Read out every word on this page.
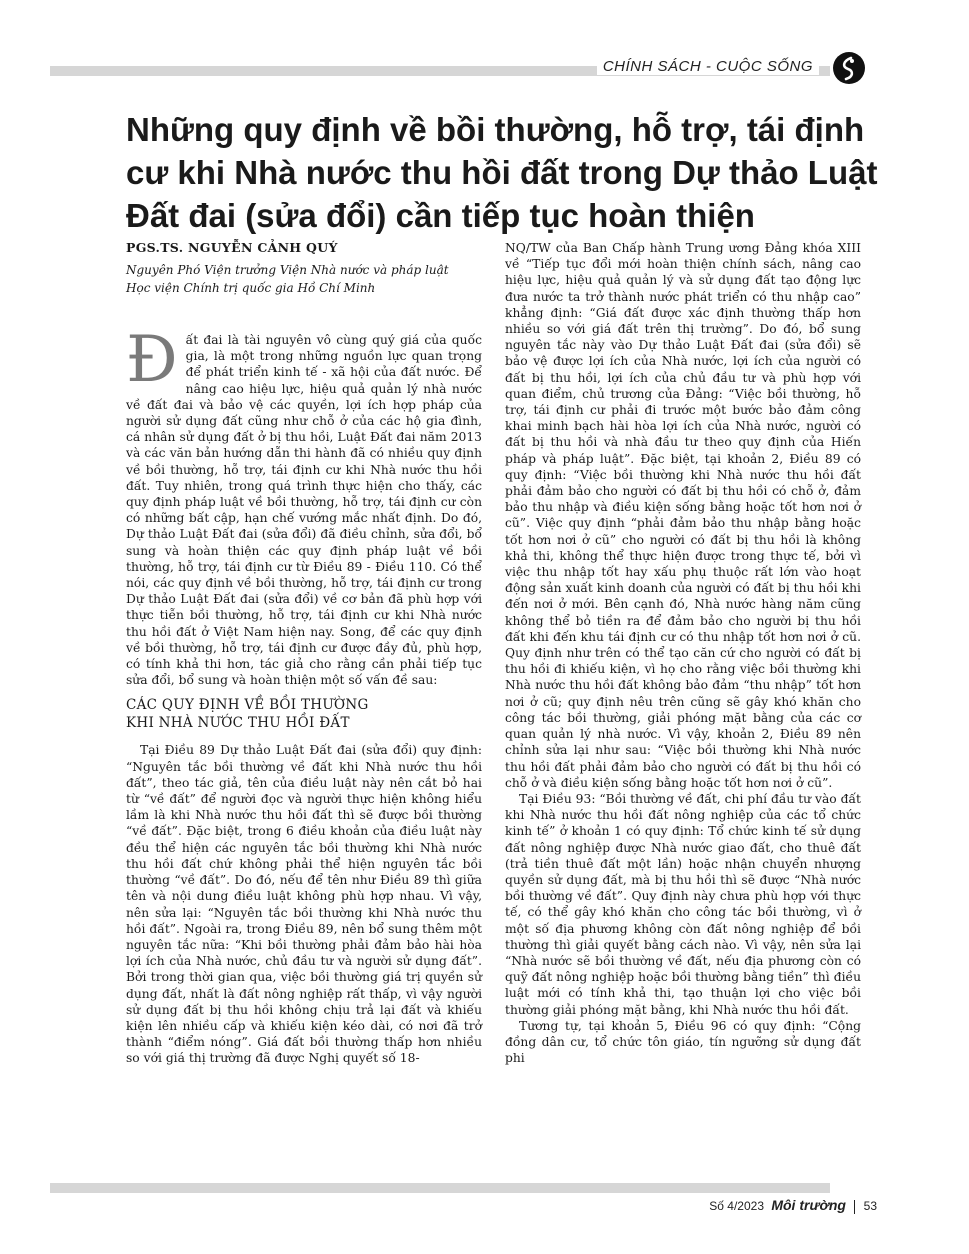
CHÍNH SÁCH - CUỘC SỐNG
Những quy định về bồi thường, hỗ trợ, tái định cư khi Nhà nước thu hồi đất trong Dự thảo Luật Đất đai (sửa đổi) cần tiếp tục hoàn thiện

PGS.TS. NGUYỄN CẢNH QUÝ

Nguyên Phó Viện trưởng Viện Nhà nước và pháp luật

Học viện Chính trị quốc gia Hồ Chí Minh

Đất đai là tài nguyên vô cùng quý giá của quốc gia, là một trong những nguồn lực quan trọng để phát triển kinh tế - xã hội của đất nước. Để nâng cao hiệu lực, hiệu quả quản lý nhà nước về đất đai và bảo vệ các quyền, lợi ích hợp pháp của người sử dụng đất cũng như chỗ ở của các hộ gia đình, cá nhân sử dụng đất ở bị thu hồi, Luật Đất đai năm 2013 và các văn bản hướng dẫn thi hành đã có nhiều quy định về bồi thường, hỗ trợ, tái định cư khi Nhà nước thu hồi đất. Tuy nhiên, trong quá trình thực hiện cho thấy, các quy định pháp luật về bồi thường, hỗ trợ, tái định cư còn có những bất cập, hạn chế vướng mắc nhất định. Do đó, Dự thảo Luật Đất đai (sửa đổi) đã điều chỉnh, sửa đổi, bổ sung và hoàn thiện các quy định pháp luật về bồi thường, hỗ trợ, tái định cư từ Điều 89 - Điều 110. Có thể nói, các quy định về bồi thường, hỗ trợ, tái định cư trong Dự thảo Luật Đất đai (sửa đổi) về cơ bản đã phù hợp với thực tiễn bồi thường, hỗ trợ, tái định cư khi Nhà nước thu hồi đất ở Việt Nam hiện nay. Song, để các quy định về bồi thường, hỗ trợ, tái định cư được đầy đủ, phù hợp, có tính khả thi hơn, tác giả cho rằng cần phải tiếp tục sửa đổi, bổ sung và hoàn thiện một số vấn đề sau:

CÁC QUY ĐỊNH VỀ BỒI THƯỜNG
KHI NHÀ NƯỚC THU HỒI ĐẤT

Tại Điều 89 Dự thảo Luật Đất đai (sửa đổi) quy định: “Nguyên tắc bồi thường về đất khi Nhà nước thu hồi đất”, theo tác giả, tên của điều luật này nên cắt bỏ hai từ “về đất” để người đọc và người thực hiện không hiểu lầm là khi Nhà nước thu hồi đất thì sẽ được bồi thường “về đất”. Đặc biệt, trong 6 điều khoản của điều luật này đều thể hiện các nguyên tắc bồi thường khi Nhà nước thu hồi đất chứ không phải thể hiện nguyên tắc bồi thường “về đất”. Do đó, nếu để tên như Điều 89 thì giữa tên và nội dung điều luật không phù hợp nhau. Vì vậy, nên sửa lại: “Nguyên tắc bồi thường khi Nhà nước thu hồi đất”. Ngoài ra, trong Điều 89, nên bổ sung thêm một nguyên tắc nữa: “Khi bồi thường phải đảm bảo hài hòa lợi ích của Nhà nước, chủ đầu tư và người sử dụng đất”. Bởi trong thời gian qua, việc bồi thường giá trị quyền sử dụng đất, nhất là đất nông nghiệp rất thấp, vì vậy người sử dụng đất bị thu hồi không chịu trả lại đất và khiếu kiện lên nhiều cấp và khiếu kiện kéo dài, có nơi đã trở thành “điểm nóng”. Giá đất bồi thường thấp hơn nhiều so với giá thị trường đã được Nghị quyết số 18-

NQ/TW của Ban Chấp hành Trung ương Đảng khóa XIII về “Tiếp tục đổi mới hoàn thiện chính sách, nâng cao hiệu lực, hiệu quả quản lý và sử dụng đất tạo động lực đưa nước ta trở thành nước phát triển có thu nhập cao” khẳng định: “Giá đất được xác định thường thấp hơn nhiều so với giá đất trên thị trường”. Do đó, bổ sung nguyên tắc này vào Dự thảo Luật Đất đai (sửa đổi) sẽ bảo vệ được lợi ích của Nhà nước, lợi ích của người có đất bị thu hồi, lợi ích của chủ đầu tư và phù hợp với quan điểm, chủ trương của Đảng: “Việc bồi thường, hỗ trợ, tái định cư phải đi trước một bước bảo đảm công khai minh bạch hài hòa lợi ích của Nhà nước, người có đất bị thu hồi và nhà đầu tư theo quy định của Hiến pháp và pháp luật”. Đặc biệt, tại khoản 2, Điều 89 có quy định: “Việc bồi thường khi Nhà nước thu hồi đất phải đảm bảo cho người có đất bị thu hồi có chỗ ở, đảm bảo thu nhập và điều kiện sống bằng hoặc tốt hơn nơi ở cũ”. Việc quy định “phải đảm bảo thu nhập bằng hoặc tốt hơn nơi ở cũ” cho người có đất bị thu hồi là không khả thi, không thể thực hiện được trong thực tế, bởi vì việc thu nhập tốt hay xấu phụ thuộc rất lớn vào hoạt động sản xuất kinh doanh của người có đất bị thu hồi khi đến nơi ở mới. Bên cạnh đó, Nhà nước hàng năm cũng không thể bỏ tiền ra để đảm bảo cho người bị thu hồi đất khi đến khu tái định cư có thu nhập tốt hơn nơi ở cũ. Quy định như trên có thể tạo căn cứ cho người có đất bị thu hồi đi khiếu kiện, vì họ cho rằng việc bồi thường khi Nhà nước thu hồi đất không bảo đảm “thu nhập” tốt hơn nơi ở cũ; quy định nêu trên cũng sẽ gây khó khăn cho công tác bồi thường, giải phóng mặt bằng của các cơ quan quản lý nhà nước. Vì vậy, khoản 2, Điều 89 nên chỉnh sửa lại như sau: “Việc bồi thường khi Nhà nước thu hồi đất phải đảm bảo cho người có đất bị thu hồi có chỗ ở và điều kiện sống bằng hoặc tốt hơn nơi ở cũ”.

Tại Điều 93: “Bồi thường về đất, chi phí đầu tư vào đất khi Nhà nước thu hồi đất nông nghiệp của các tổ chức kinh tế” ở khoản 1 có quy định: Tổ chức kinh tế sử dụng đất nông nghiệp được Nhà nước giao đất, cho thuê đất (trả tiền thuê đất một lần) hoặc nhận chuyển nhượng quyền sử dụng đất, mà bị thu hồi thì sẽ được “Nhà nước bồi thường về đất”. Quy định này chưa phù hợp với thực tế, có thể gây khó khăn cho công tác bồi thường, vì ở một số địa phương không còn đất nông nghiệp để bồi thường thì giải quyết bằng cách nào. Vì vậy, nên sửa lại “Nhà nước sẽ bồi thường về đất, nếu địa phương còn có quỹ đất nông nghiệp hoặc bồi thường bằng tiền” thì điều luật mới có tính khả thi, tạo thuận lợi cho việc bồi thường giải phóng mặt bằng, khi Nhà nước thu hồi đất.

Tương tự, tại khoản 5, Điều 96 có quy định: “Cộng đồng dân cư, tổ chức tôn giáo, tín ngưỡng sử dụng đất phi

Số 4/2023 Môi trường 53
